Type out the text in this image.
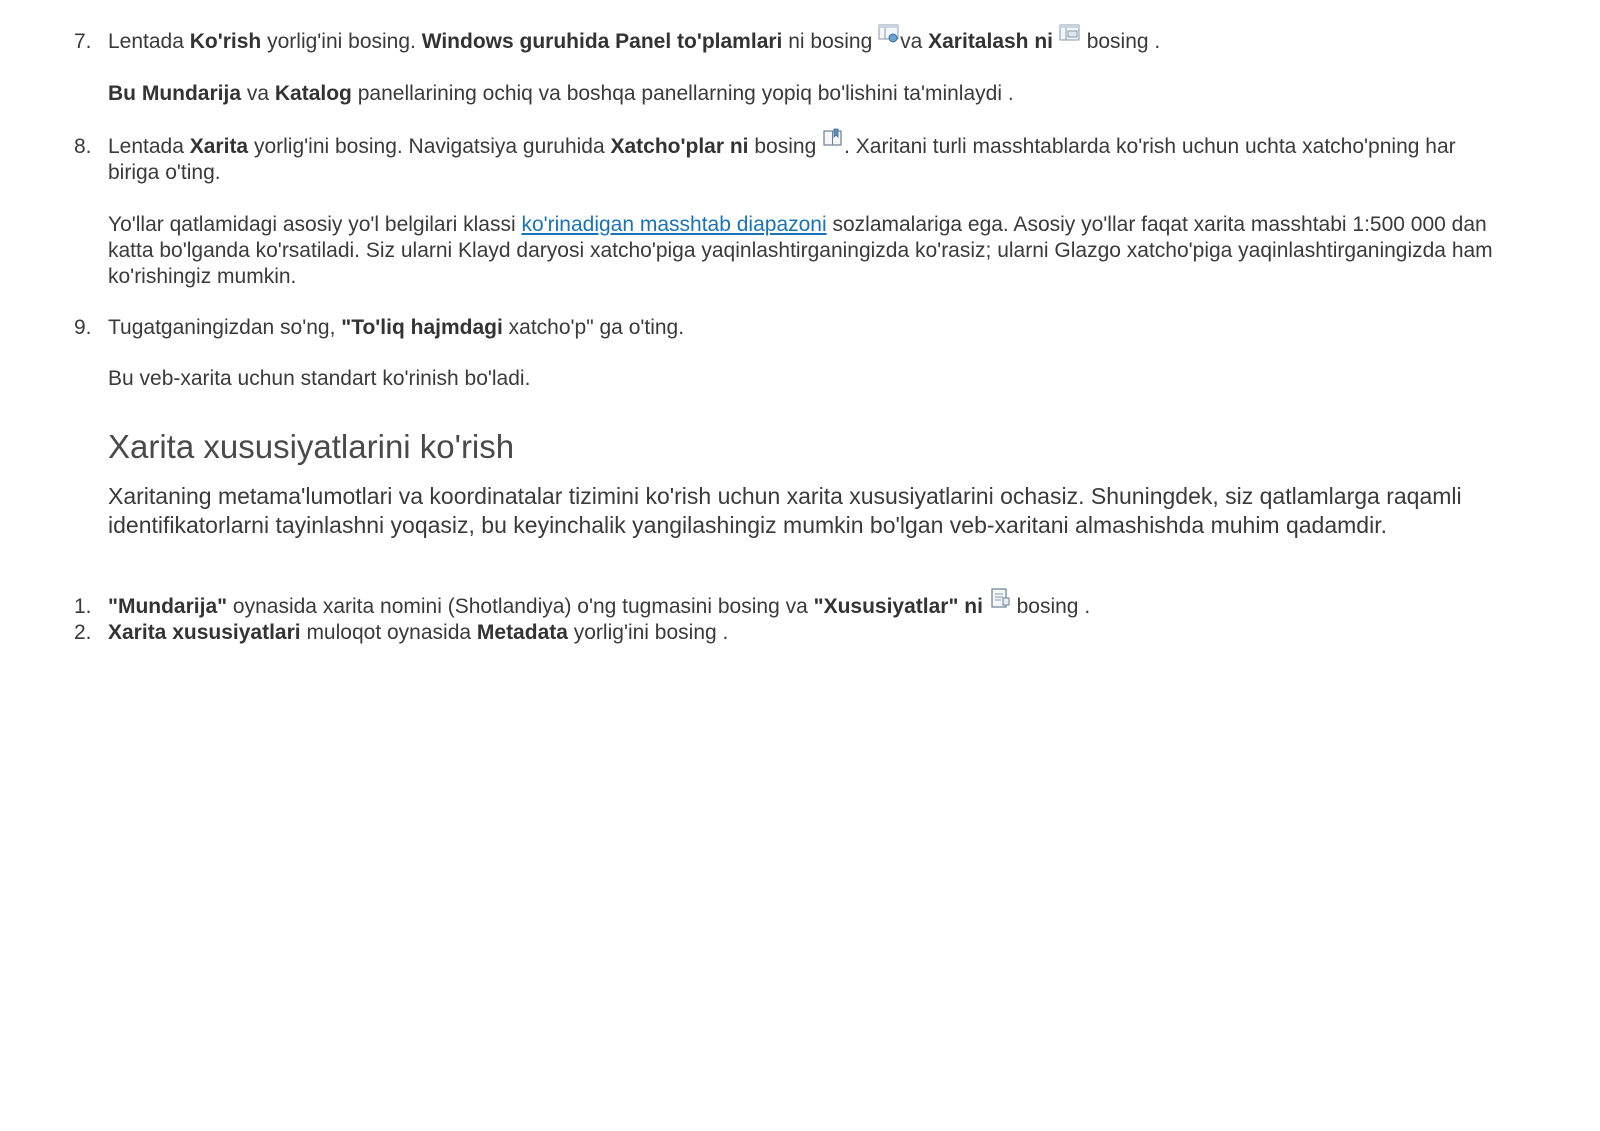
7. Lentada Ko'rish yorlig'ini bosing. Windows guruhida Panel to'plamlari ni bosing
va Xaritalash ni
bosing .
Bu Mundarija va Katalog panellarining ochiq va boshqa panellarning yopiq bo'lishini ta'minlaydi .
8. Lentada Xarita yorlig'ini bosing. Navigatsiya guruhida Xatcho'plar ni bosing
. Xaritani turli masshtablarda ko'rish uchun uchta xatcho'pning har biriga o'ting.
Yo'llar qatlamidagi asosiy yo'l belgilari klassi ko'rinadigan masshtab diapazoni sozlamalariga ega. Asosiy yo'llar faqat xarita masshtabi 1:500 000 dan katta bo'lganda ko'rsatiladi. Siz ularni Klayd daryosi xatcho'piga yaqinlashtirganingizda ko'rasiz; ularni Glazgo xatcho'piga yaqinlashtirganingizda ham ko'rishingiz mumkin.
9. Tugatganingizdan so'ng, "To'liq hajmdagi xatcho'p" ga o'ting.
Bu veb-xarita uchun standart ko'rinish bo'ladi.
Xarita xususiyatlarini ko'rish
Xaritaning metama'lumotlari va koordinatalar tizimini ko'rish uchun xarita xususiyatlarini ochasiz. Shuningdek, siz qatlamlarga raqamli identifikatorlarni tayinlashni yoqasiz, bu keyinchalik yangilashingiz mumkin bo'lgan veb-xaritani almashishda muhim qadamdir.
1. "Mundarija" oynasida xarita nomini (Shotlandiya) o'ng tugmasini bosing va "Xususiyatlar" ni
bosing .
2. Xarita xususiyatlari muloqot oynasida Metadata yorlig'ini bosing .
